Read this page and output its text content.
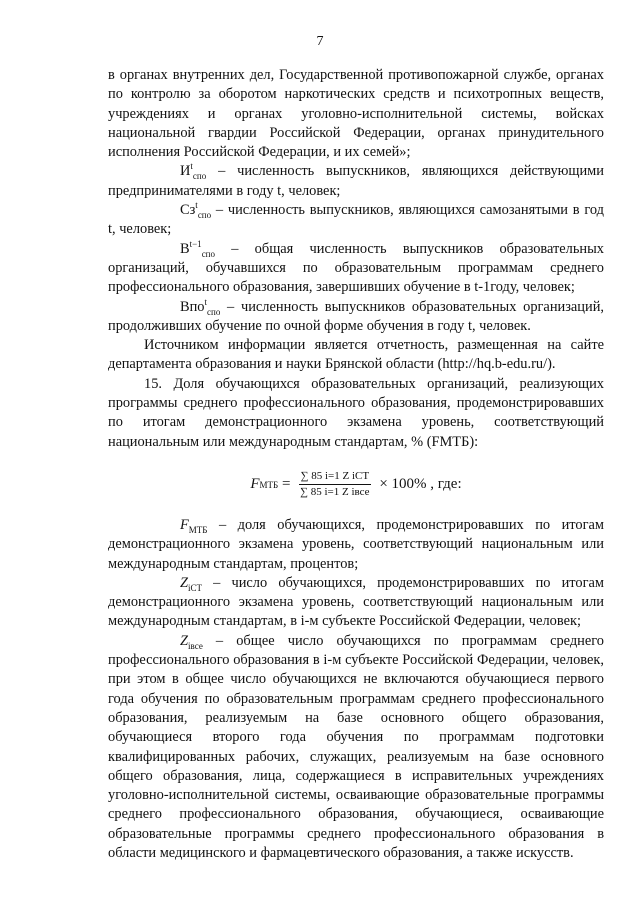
7

в органах внутренних дел, Государственной противопожарной службе, органах по контролю за оборотом наркотических средств и психотропных веществ, учреждениях и органах уголовно-исполнительной системы, войсках национальной гвардии Российской Федерации, органах принудительного исполнения Российской Федерации, и их семей»;

$И^t_{спо}$ – численность выпускников, являющихся действующими предпринимателями в году t, человек;

$Сз^t_{спо}$ – численность выпускников, являющихся самозанятыми в год t, человек;

$В^{t-1}_{спо}$ – общая численность выпускников образовательных организаций, обучавшихся по образовательным программам среднего профессионального образования, завершивших обучение в t-1году, человек;

Впо$^t_{спо}$ – численность выпускников образовательных организаций, продолживших обучение по очной форме обучения в году t, человек.

Источником информации является отчетность, размещенная на сайте департамента образования и науки Брянской области (http://hq.b-edu.ru/).

15. Доля обучающихся образовательных организаций, реализующих программы среднего профессионального образования, продемонстрировавших по итогам демонстрационного экзамена уровень, соответствующий национальным или международным стандартам, % (FМТБ):

F МТБ = $\frac{\text{∑ 85 i=1 Z iСТ}}{\text{∑ 85 i=1 Z iвсе}} \times 100\%$ , где:

$F_{МТБ}$ – доля обучающихся, продемонстрировавших по итогам демонстрационного экзамена уровень, соответствующий национальным или международным стандартам, процентов;

$Z_{iСТ}$ – число обучающихся, продемонстрировавших по итогам демонстрационного экзамена уровень, соответствующий национальным или международным стандартам, в i-м субъекте Российской Федерации, человек;

$Z_{iвсе}$ – общее число обучающихся по программам среднего профессионального образования в i-м субъекте Российской Федерации, человек, при этом в общее число обучающихся не включаются обучающиеся первого года обучения по образовательным программам среднего профессионального образования, реализуемым на базе основного общего образования, обучающиеся второго года обучения по программам подготовки квалифицированных рабочих, служащих, реализуемым на базе основного общего образования, лица, содержащиеся в исправительных учреждениях уголовно-исполнительной системы, осваивающие образовательные программы среднего профессионального образования, обучающиеся, осваивающие образовательные программы среднего профессионального образования в области медицинского и фармацевтического образования, а также искусств.
